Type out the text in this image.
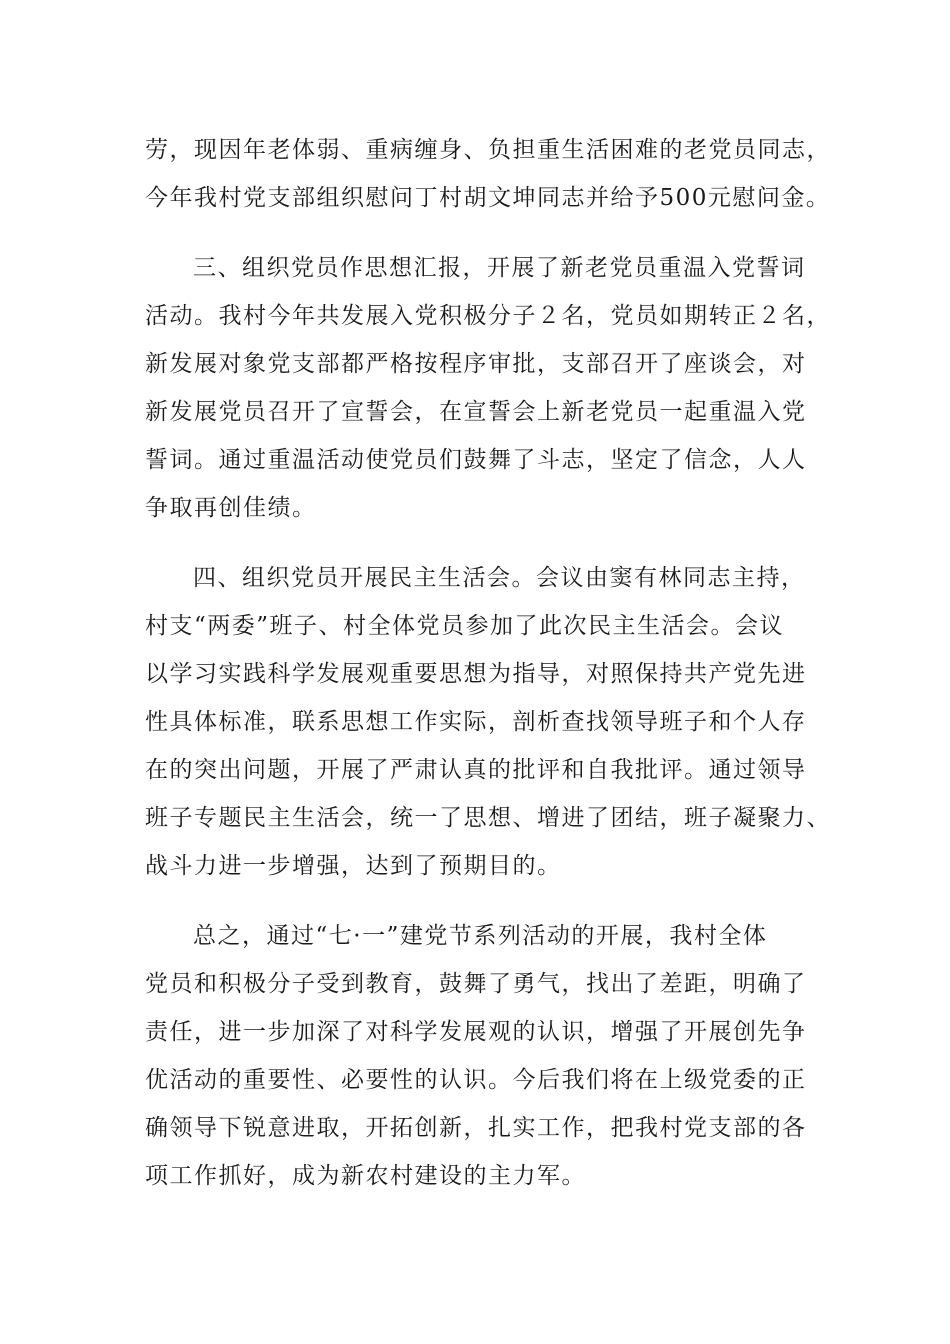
劳，现因年老体弱、重病缠身、负担重生活困难的老党员同志，
今年我村党支部组织慰问丁村胡文坤同志并给予500元慰问金。

三、组织党员作思想汇报，开展了新老党员重温入党誓词
活动。我村今年共发展入党积极分子２名，党员如期转正２名，
新发展对象党支部都严格按程序审批，支部召开了座谈会，对
新发展党员召开了宣誓会，在宣誓会上新老党员一起重温入党
誓词。通过重温活动使党员们鼓舞了斗志，坚定了信念，人人
争取再创佳绩。

四、组织党员开展民主生活会。会议由窦有林同志主持，
村支“两委”班子、村全体党员参加了此次民主生活会。会议
以学习实践科学发展观重要思想为指导，对照保持共产党先进
性具体标准，联系思想工作实际，剖析查找领导班子和个人存
在的突出问题，开展了严肃认真的批评和自我批评。通过领导
班子专题民主生活会，统一了思想、增进了团结，班子凝聚力、
战斗力进一步增强，达到了预期目的。

总之，通过“七·一”建党节系列活动的开展，我村全体
党员和积极分子受到教育，鼓舞了勇气，找出了差距，明确了
责任，进一步加深了对科学发展观的认识，增强了开展创先争
优活动的重要性、必要性的认识。今后我们将在上级党委的正
确领导下锐意进取，开拓创新，扎实工作，把我村党支部的各
项工作抓好，成为新农村建设的主力军。
